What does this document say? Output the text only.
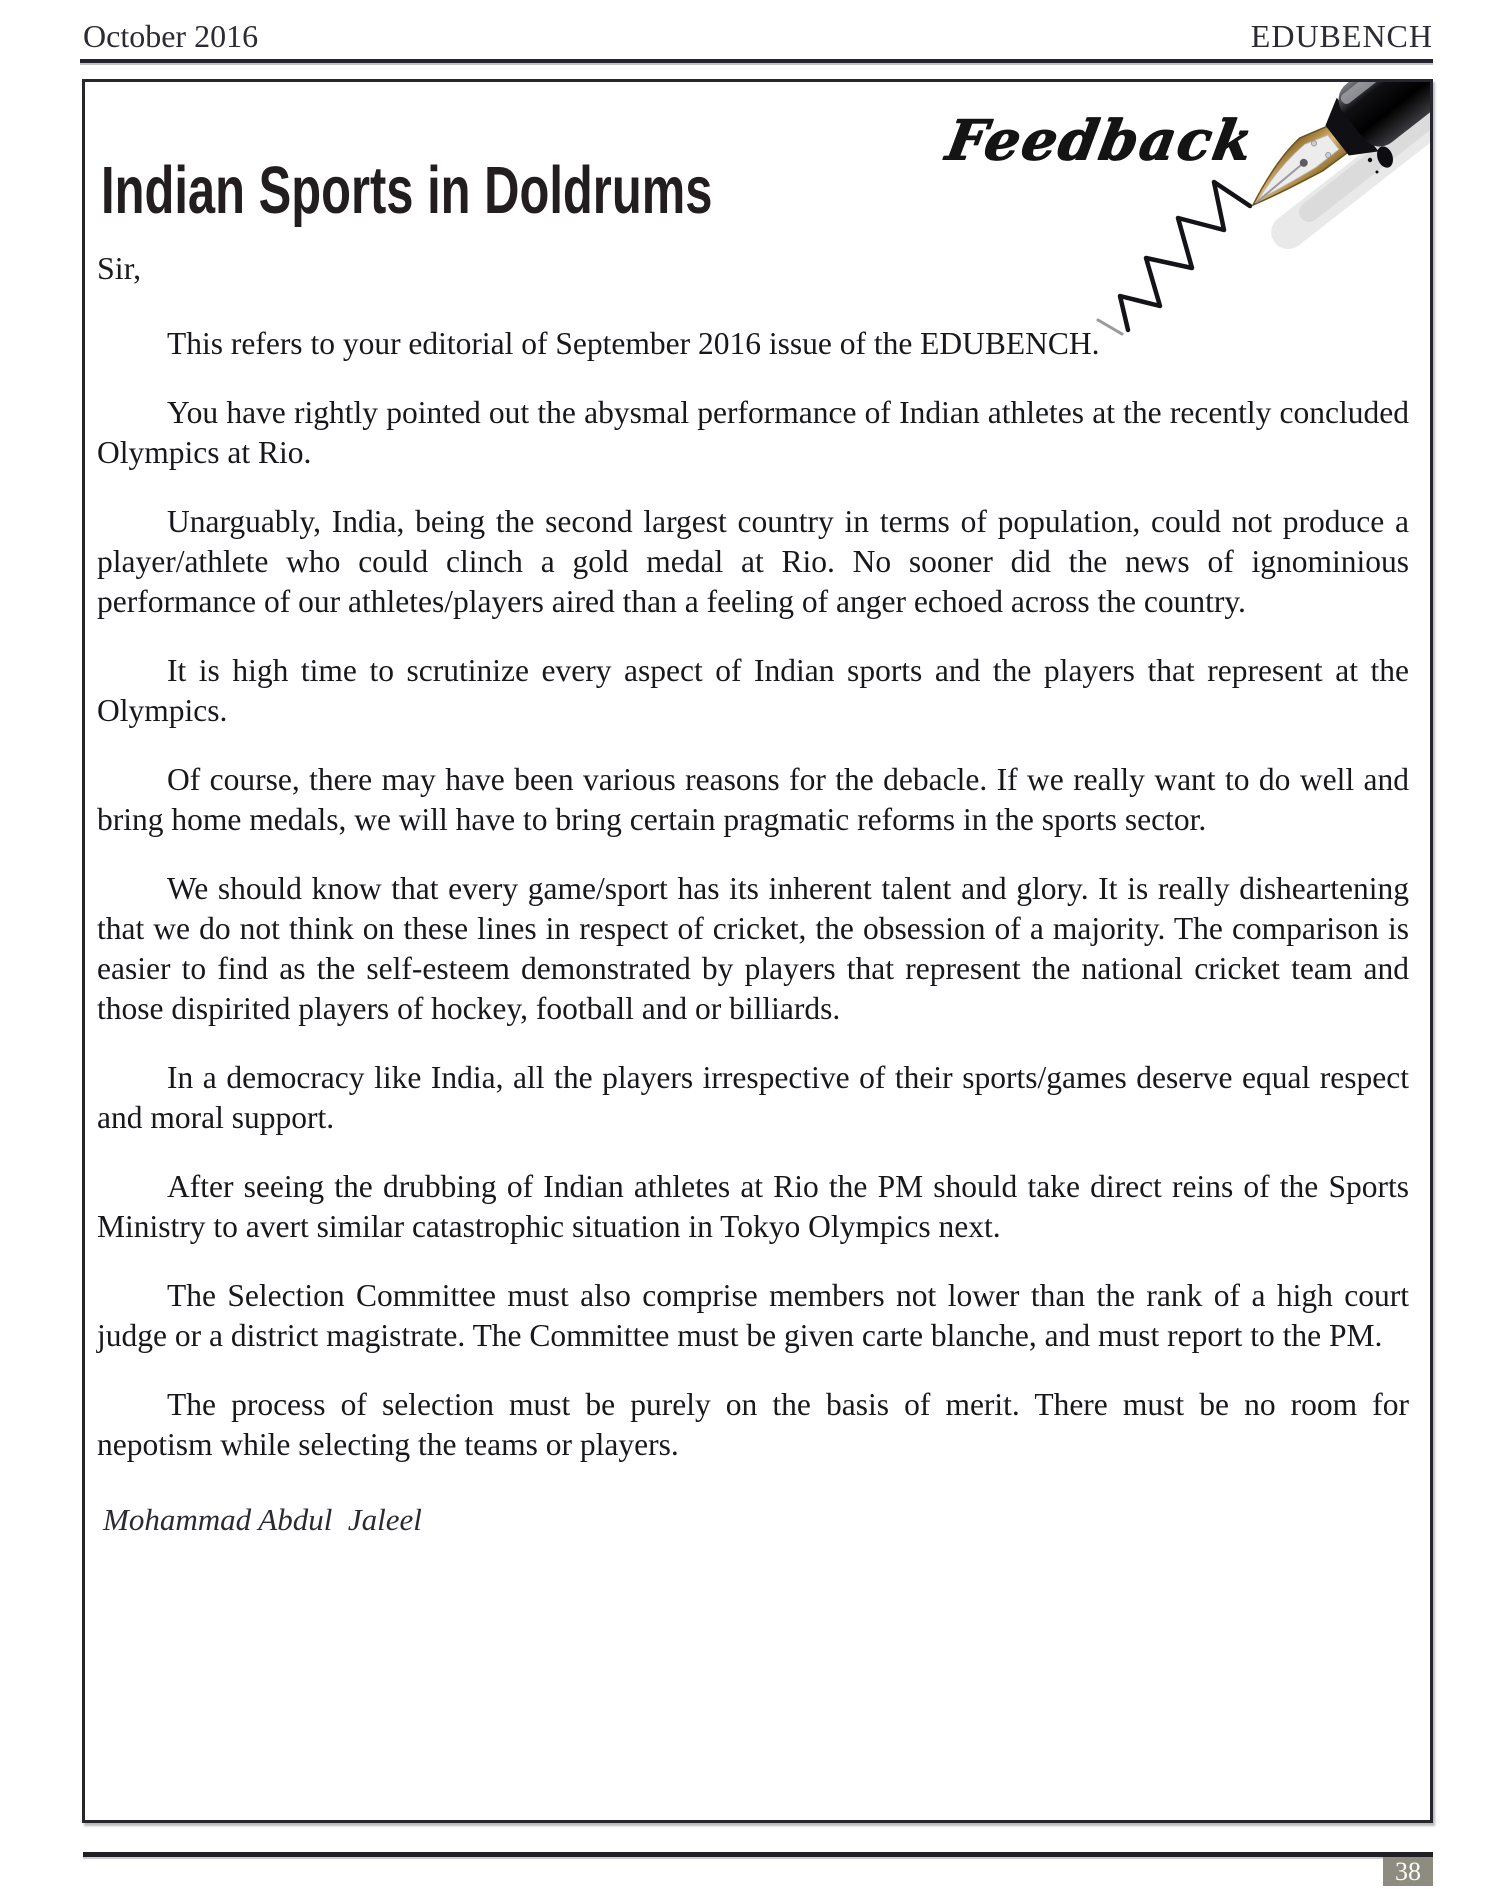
October 2016	EDUBENCH
Feedback
Indian Sports in Doldrums
Sir,

This refers to your editorial of September 2016 issue of the EDUBENCH.

You have rightly pointed out the abysmal performance of Indian athletes at the recently concluded Olympics at Rio.

Unarguably, India, being the second largest country in terms of population, could not produce a player/athlete who could clinch a gold medal at Rio. No sooner did the news of ignominious performance of our athletes/players aired than a feeling of anger echoed across the country.

It is high time to scrutinize every aspect of Indian sports and the players that represent at the Olympics.

Of course, there may have been various reasons for the debacle. If we really want to do well and bring home medals, we will have to bring certain pragmatic reforms in the sports sector.

We should know that every game/sport has its inherent talent and glory. It is really disheartening that we do not think on these lines in respect of cricket, the obsession of a majority. The comparison is easier to find as the self-esteem demonstrated by players that represent the national cricket team and those dispirited players of hockey, football and or billiards.

In a democracy like India, all the players irrespective of their sports/games deserve equal respect and moral support.

After seeing the drubbing of Indian athletes at Rio the PM should take direct reins of the Sports Ministry to avert similar catastrophic situation in Tokyo Olympics next.

The Selection Committee must also comprise members not lower than the rank of a high court judge or a district magistrate. The Committee must be given carte blanche, and must report to the PM.

The process of selection must be purely on the basis of merit. There must be no room for nepotism while selecting the teams or players.

Mohammad Abdul  Jaleel
38
